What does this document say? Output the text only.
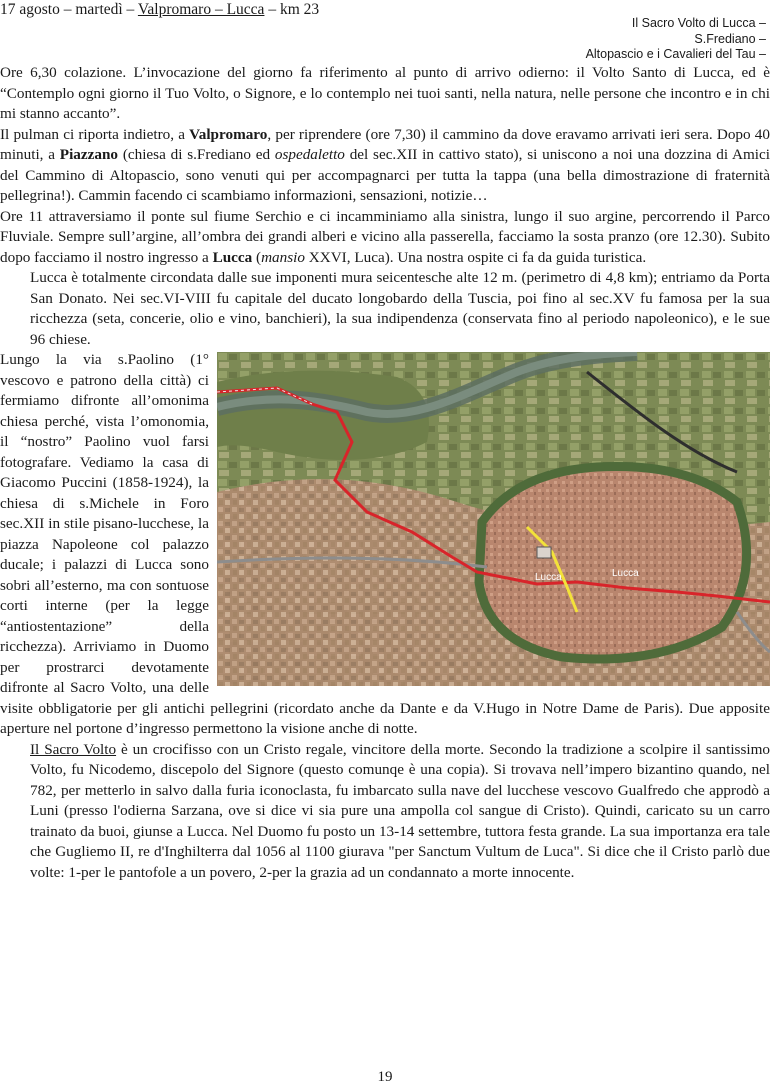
17 agosto – martedì – Valpromaro – Lucca – km 23
Il Sacro Volto di Lucca –
S.Frediano –
Altopascio e i Cavalieri del Tau –

Ore 6,30 colazione. L’invocazione del giorno fa riferimento al punto di arrivo odierno: il Volto Santo di Lucca, ed è “Contemplo ogni giorno il Tuo Volto, o Signore, e lo contemplo nei tuoi santi, nella natura, nelle persone che incontro e in chi mi stanno accanto”.

Il pulman ci riporta indietro, a Valpromaro, per riprendere (ore 7,30) il cammino da dove eravamo arrivati ieri sera. Dopo 40 minuti, a Piazzano (chiesa di s.Frediano ed ospedaletto del sec.XII in cattivo stato), si uniscono a noi una dozzina di Amici del Cammino di Altopascio, sono venuti qui per accompagnarci per tutta la tappa (una bella dimostrazione di fraternità pellegrina!). Cammin facendo ci scambiamo informazioni, sensazioni, notizie…

Ore 11 attraversiamo il ponte sul fiume Serchio e ci incamminiamo alla sinistra, lungo il suo argine, percorrendo il Parco Fluviale. Sempre sull’argine, all’ombra dei grandi alberi e vicino alla passerella, facciamo la sosta pranzo (ore 12.30). Subito dopo facciamo il nostro ingresso a Lucca (mansio XXVI, Luca). Una nostra ospite ci fa da guida turistica.

Lucca è totalmente circondata dalle sue imponenti mura seicentesche alte 12 m. (perimetro di 4,8 km); entriamo da Porta San Donato. Nei sec.VI-VIII fu capitale del ducato longobardo della Tuscia, poi fino al sec.XV fu famosa per la sua ricchezza (seta, concerie, olio e vino, banchieri), la sua indipendenza (conservata fino al periodo napoleonico), e le sue 96 chiese.

Lucca	Lucca

Lungo la via s.Paolino (1° vescovo e patrono della città) ci fermiamo difronte all’omonima chiesa perché, vista l’omonomia, il “nostro” Paolino vuol farsi fotografare. Vediamo la casa di Giacomo Puccini (1858-1924), la chiesa di s.Michele in Foro sec.XII in stile pisano-lucchese, la piazza Napoleone col palazzo ducale; i palazzi di Lucca sono sobri all’esterno, ma con sontuose corti interne (per la legge “antiostentazione” della ricchezza). Arriviamo in Duomo per prostrarci devotamente difronte al Sacro Volto, una delle visite obbligatorie per gli antichi pellegrini (ricordato anche da Dante e da V.Hugo in Notre Dame de Paris). Due apposite aperture nel portone d’ingresso permettono la visione anche di notte.

Il Sacro Volto è un crocifisso con un Cristo regale, vincitore della morte. Secondo la tradizione a scolpire il santissimo Volto, fu Nicodemo, discepolo del Signore (questo comunqe è una copia). Si trovava nell’impero bizantino quando, nel 782, per metterlo in salvo dalla furia iconoclasta, fu imbarcato sulla nave del lucchese vescovo Gualfredo che approdò a Luni (presso l'odierna Sarzana, ove si dice vi sia pure una ampolla col sangue di Cristo). Quindi, caricato su un carro trainato da buoi, giunse a Lucca. Nel Duomo fu posto un 13-14 settembre, tuttora festa grande. La sua importanza era tale che Gugliemo II, re d'Inghilterra dal 1056 al 1100 giurava "per Sanctum Vultum de Luca". Si dice che il Cristo parlò due volte: 1-per le pantofole a un povero, 2-per la grazia ad un condannato a morte innocente.

19
